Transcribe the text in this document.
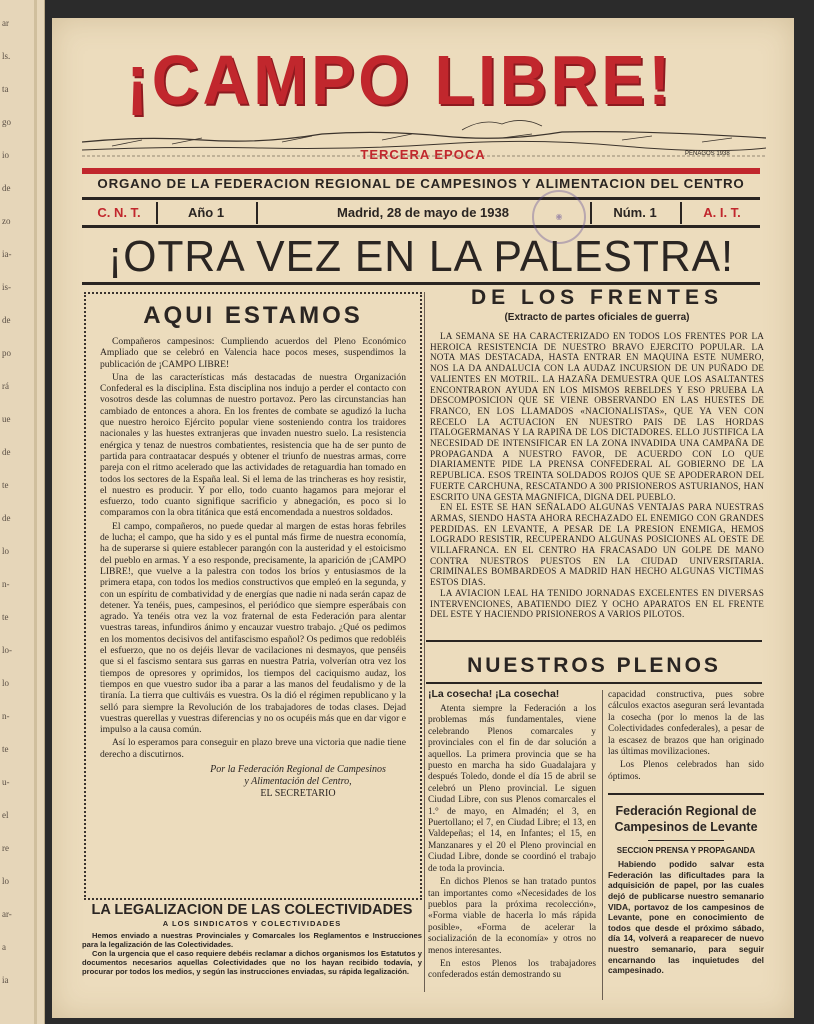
ar
ls.
ta
go
io
de
zo
ia-
is-
de
po
rá
ue
de
te
de
lo
n-
te
lo-
lo
n-
te
u-
el
re
lo
ar-
a
ia
¡CAMPO LIBRE!
PENAGOS 1938
TERCERA EPOCA
ORGANO DE LA FEDERACION REGIONAL DE CAMPESINOS Y ALIMENTACION DEL CENTRO
C. N. T.	Año 1	Madrid, 28 de mayo de 1938	Núm. 1	A. I. T.
◉
¡OTRA VEZ EN LA PALESTRA!
AQUI ESTAMOS

Compañeros campesinos: Cumpliendo acuerdos del Pleno Económico Ampliado que se celebró en Valencia hace pocos meses, suspendimos la publicación de ¡CAMPO LIBRE!

Una de las características más destacadas de nuestra Organización Confederal es la disciplina. Esta disciplina nos indujo a perder el contacto con vosotros desde las columnas de nuestro portavoz. Pero las circunstancias han cambiado de entonces a ahora. En los frentes de combate se agudizó la lucha que nuestro heroico Ejército popular viene sosteniendo contra los traidores nacionales y las huestes extranjeras que invaden nuestro suelo. La resistencia enérgica y tenaz de nuestros combatientes, resistencia que ha de ser punto de partida para contraatacar después y obtener el triunfo de nuestras armas, corre pareja con el ritmo acelerado que las actividades de retaguardia han tomado en todos los sectores de la España leal. Si el lema de las trincheras es hoy resistir, el nuestro es producir. Y por ello, todo cuanto hagamos para mejorar el esfuerzo, todo cuanto signifique sacrificio y abnegación, es poco si lo comparamos con la obra titánica que está encomendada a nuestros soldados.

El campo, compañeros, no puede quedar al margen de estas horas febriles de lucha; el campo, que ha sido y es el puntal más firme de nuestra economía, ha de superarse si quiere establecer parangón con la austeridad y el estoicismo del pueblo en armas. Y a eso responde, precisamente, la aparición de ¡CAMPO LIBRE!, que vuelve a la palestra con todos los bríos y entusiasmos de la primera etapa, con todos los medios constructivos que empleó en la segunda, y con un espíritu de combatividad y de energías que nadie ni nada serán capaz de detener. Ya tenéis, pues, campesinos, el periódico que siempre esperábais con agrado. Ya tenéis otra vez la voz fraternal de esta Federación para alentar vuestras tareas, infundiros ánimo y encauzar vuestro trabajo. ¿Qué os pedimos en los momentos decisivos del antifascismo español? Os pedimos que redobléis el esfuerzo, que no os dejéis llevar de vacilaciones ni desmayos, que penséis que si el fascismo sentara sus garras en nuestra Patria, volverían otra vez los tiempos de opresores y oprimidos, los tiempos del caciquismo audaz, los tiempos en que vuestro sudor iba a parar a las manos del feudalismo y de la tiranía. La tierra que cultiváis es vuestra. Os la dió el régimen republicano y la selló para siempre la Revolución de los trabajadores de todas clases. Dejad vuestras querellas y vuestras diferencias y no os ocupéis más que en dar vigor e impulso a la causa común.

Así lo esperamos para conseguir en plazo breve una victoria que nadie tiene derecho a discutirnos.

Por la Federación Regional de Campesinos
y Alimentación del Centro,
EL SECRETARIO
LA LEGALIZACION DE LAS COLECTIVIDADES
A LOS SINDICATOS Y COLECTIVIDADES
Hemos enviado a nuestras Provinciales y Comarcales los Reglamentos e Instrucciones para la legalización de las Colectividades.
Con la urgencia que el caso requiere debéis reclamar a dichos organismos los Estatutos y documentos necesarios aquellas Colectividades que no los hayan recibido todavía, y procurar por todos los medios, y según las instrucciones enviadas, su rápida legalización.
DE LOS FRENTES
(Extracto de partes oficiales de guerra)

LA SEMANA SE HA CARACTERIZADO EN TODOS LOS FRENTES POR LA HEROICA RESISTENCIA DE NUESTRO BRAVO EJERCITO POPULAR. LA NOTA MAS DESTACADA, HASTA ENTRAR EN MAQUINA ESTE NUMERO, NOS LA DA ANDALUCIA CON LA AUDAZ INCURSION DE UN PUÑADO DE VALIENTES EN MOTRIL. LA HAZAÑA DEMUESTRA QUE LOS ASALTANTES ENCONTRARON AYUDA EN LOS MISMOS REBELDES Y ESO PRUEBA LA DESCOMPOSICION QUE SE VIENE OBSERVANDO EN LAS HUESTES DE FRANCO, EN LOS LLAMADOS «NACIONALISTAS», QUE YA VEN CON RECELO LA ACTUACION EN NUESTRO PAIS DE LAS HORDAS ITALOGERMANAS Y LA RAPIÑA DE LOS DICTADORES. ELLO JUSTIFICA LA NECESIDAD DE INTENSIFICAR EN LA ZONA INVADIDA UNA CAMPAÑA DE PROPAGANDA A NUESTRO FAVOR, DE ACUERDO CON LO QUE DIARIAMENTE PIDE LA PRENSA CONFEDERAL AL GOBIERNO DE LA REPUBLICA. ESOS TREINTA SOLDADOS ROJOS QUE SE APODERARON DEL FUERTE CARCHUNA, RESCATANDO A 300 PRISIONEROS ASTURIANOS, HAN ESCRITO UNA GESTA MAGNIFICA, DIGNA DEL PUEBLO.

EN EL ESTE SE HAN SEÑALADO ALGUNAS VENTAJAS PARA NUESTRAS ARMAS, SIENDO HASTA AHORA RECHAZADO EL ENEMIGO CON GRANDES PERDIDAS. EN LEVANTE, A PESAR DE LA PRESION ENEMIGA, HEMOS LOGRADO RESISTIR, RECUPERANDO ALGUNAS POSICIONES AL OESTE DE VILLAFRANCA. EN EL CENTRO HA FRACASADO UN GOLPE DE MANO CONTRA NUESTROS PUESTOS EN LA CIUDAD UNIVERSITARIA. CRIMINALES BOMBARDEOS A MADRID HAN HECHO ALGUNAS VICTIMAS ESTOS DIAS.

LA AVIACION LEAL HA TENIDO JORNADAS EXCELENTES EN DIVERSAS INTERVENCIONES, ABATIENDO DIEZ Y OCHO APARATOS EN EL FRENTE DEL ESTE Y HACIENDO PRISIONEROS A VARIOS PILOTOS.

NUESTROS PLENOS
¡La cosecha! ¡La cosecha!

Atenta siempre la Federación a los problemas más fundamentales, viene celebrando Plenos comarcales y provinciales con el fin de dar solución a aquellos. La primera provincia que se ha puesto en marcha ha sido Guadalajara y después Toledo, donde el día 15 de abril se celebró un Pleno provincial. Le siguen Ciudad Libre, con sus Plenos comarcales el 1.° de mayo, en Almadén; el 3, en Puertollano; el 7, en Ciudad Libre; el 13, en Valdepeñas; el 14, en Infantes; el 15, en Manzanares y el 20 el Pleno provincial en Ciudad Libre, donde se coordinó el trabajo de toda la provincia.

En dichos Plenos se han tratado puntos tan importantes como «Necesidades de los pueblos para la próxima recolección», «Forma viable de hacerla lo más rápida posible», «Forma de acelerar la socialización de la economía» y otros no menos interesantes.

En estos Plenos los trabajadores confederados están demostrando su

capacidad constructiva, pues sobre cálculos exactos aseguran será levantada la cosecha (por lo menos la de las Colectividades confederales), a pesar de la escasez de brazos que han originado las últimas movilizaciones.

Los Plenos celebrados han sido óptimos.

Federación Regional de
Campesinos de Levante
SECCION PRENSA Y PROPAGANDA
Habiendo podido salvar esta Federación las dificultades para la adquisición de papel, por las cuales dejó de publicarse nuestro semanario VIDA, portavoz de los campesinos de Levante, pone en conocimiento de todos que desde el próximo sábado, día 14, volverá a reaparecer de nuevo nuestro semanario, para seguir encarnando las inquietudes del campesinado.
